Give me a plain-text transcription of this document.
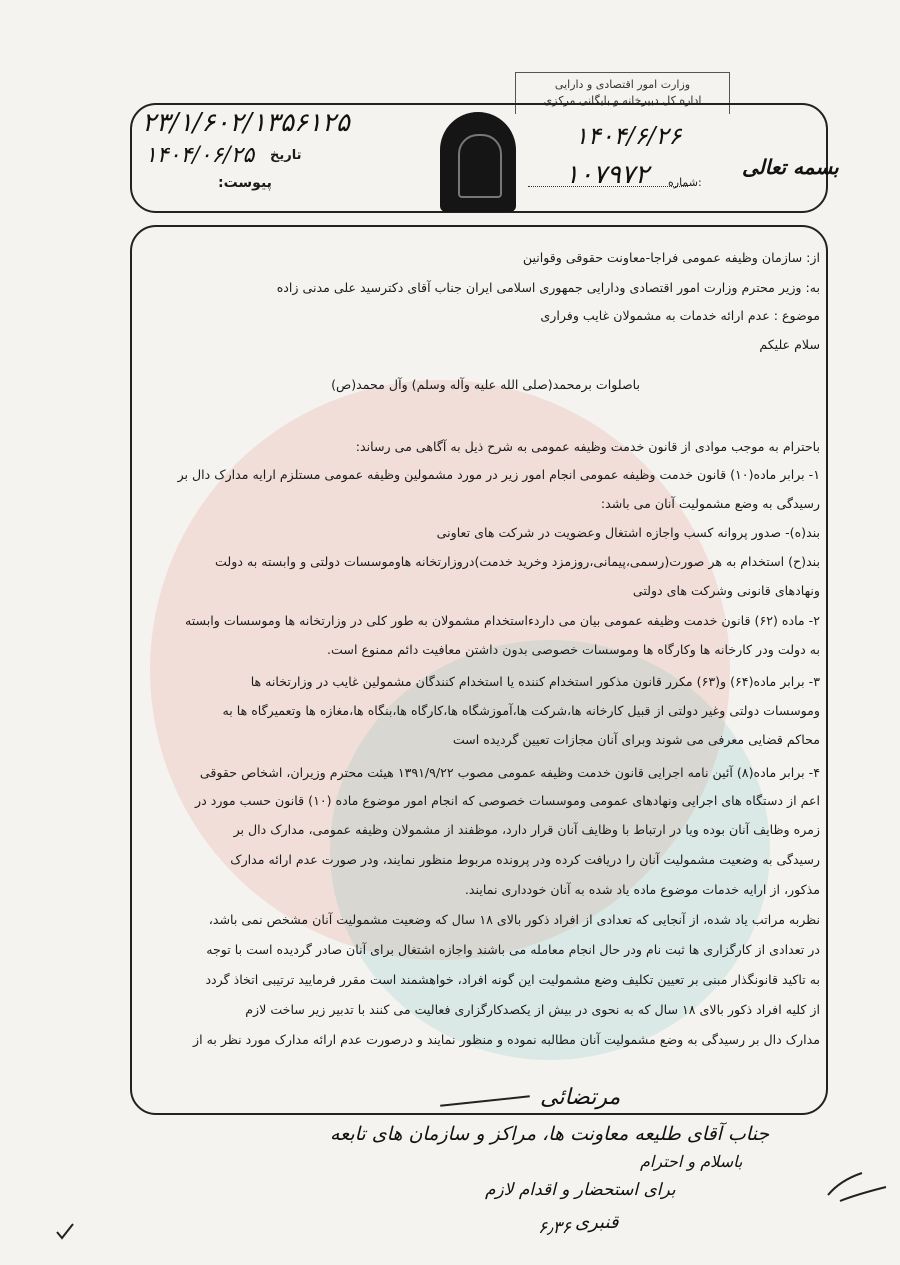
وزارت امور اقتصادی و دارایی
اداره کل دبیرخانه و بایگانی مرکزی
۲۳/۱/۶۰۲/۱۳۵۶۱۲۵
تاریخ
۱۴۰۴/۰۶/۲۵
پیوست:
۱۴۰۴/۶/۲۶
۱۰۷۹۷۲ شماره:
بسمه تعالی
از: سازمان وظیفه عمومی فراجا-معاونت حقوقی وقوانین
به: وزیر محترم وزارت امور اقتصادی ودارایی جمهوری اسلامی ایران جناب آقای دکترسید علی مدنی زاده
موضوع : عدم ارائه خدمات به مشمولان غایب وفراری
سلام علیکم
باصلوات برمحمد(صلی الله علیه وآله وسلم) وآل محمد(ص)
باحترام به موجب موادی از قانون خدمت وظیفه عمومی به شرح ذیل به آگاهی می رساند:
۱- برابر ماده(۱۰) قانون خدمت وظیفه عمومی انجام امور زیر در مورد مشمولین وظیفه عمومی مستلزم ارایه مدارک دال بر
رسیدگی به وضع مشمولیت آنان می باشد:
بند(ه)- صدور پروانه کسب واجازه اشتغال وعضویت در شرکت های تعاونی
بند(ح) استخدام به هر صورت(رسمی،پیمانی،روزمزد وخرید خدمت)دروزارتخانه هاوموسسات دولتی و وابسته به دولت
ونهادهای قانونی وشرکت های دولتی
۲- ماده (۶۲) قانون خدمت وظیفه عمومی بیان می داردءاستخدام مشمولان به طور کلی در وزارتخانه ها وموسسات وابسته
به دولت ودر کارخانه ها وکارگاه ها وموسسات خصوصی بدون داشتن معافیت دائم ممنوع است.
۳- برابر ماده(۶۴) و(۶۳) مکرر قانون مذکور استخدام کننده یا استخدام کنندگان مشمولین غایب در وزارتخانه ها
وموسسات دولتی وغیر دولتی از قبیل کارخانه ها،شرکت ها،آموزشگاه ها،کارگاه ها،بنگاه ها،مغازه ها وتعمیرگاه ها به
محاکم قضایی معرفی می شوند وبرای آنان مجازات تعیین گردیده است
۴- برابر ماده(۸) آئین نامه اجرایی قانون خدمت وظیفه عمومی مصوب ۱۳۹۱/۹/۲۲ هیئت محترم وزیران، اشخاص حقوقی
اعم از دستگاه های اجرایی ونهادهای عمومی وموسسات خصوصی که انجام امور موضوع ماده (۱۰) قانون حسب مورد در
زمره وظایف آنان بوده ویا در ارتباط با وظایف آنان قرار دارد، موظفند از مشمولان وظیفه عمومی، مدارک دال بر
رسیدگی به وضعیت مشمولیت آنان را دریافت کرده ودر پرونده مربوط منظور نمایند، ودر صورت عدم ارائه مدارک
مذکور، از ارایه خدمات موضوع ماده یاد شده به آنان خودداری نمایند.
نظربه مراتب یاد شده، از آنجایی که تعدادی از افراد ذکور بالای ۱۸ سال که وضعیت مشمولیت آنان مشخص نمی باشد،
در تعدادی از کارگزاری ها ثبت نام ودر حال انجام معامله می باشند واجازه اشتغال برای آنان صادر گردیده است با توجه
به تاکید قانونگذار مبنی بر تعیین تکلیف وضع مشمولیت این گونه افراد، خواهشمند است مقرر فرمایید ترتیبی اتخاذ گردد
از کلیه افراد ذکور بالای ۱۸ سال که به نحوی در بیش از یکصدکارگزاری فعالیت می کنند با تدبیر زیر ساخت لازم
مدارک دال بر رسیدگی به وضع مشمولیت آنان مطالبه نموده و منظور نمایند و درصورت عدم ارائه مدارک مورد نظر به از
مرتضائی
جناب آقای طلیعه معاونت ها، مراکز و سازمان های تابعه
باسلام و احترام
برای استحضار و اقدام لازم
قنبری
۶٫۳۶
